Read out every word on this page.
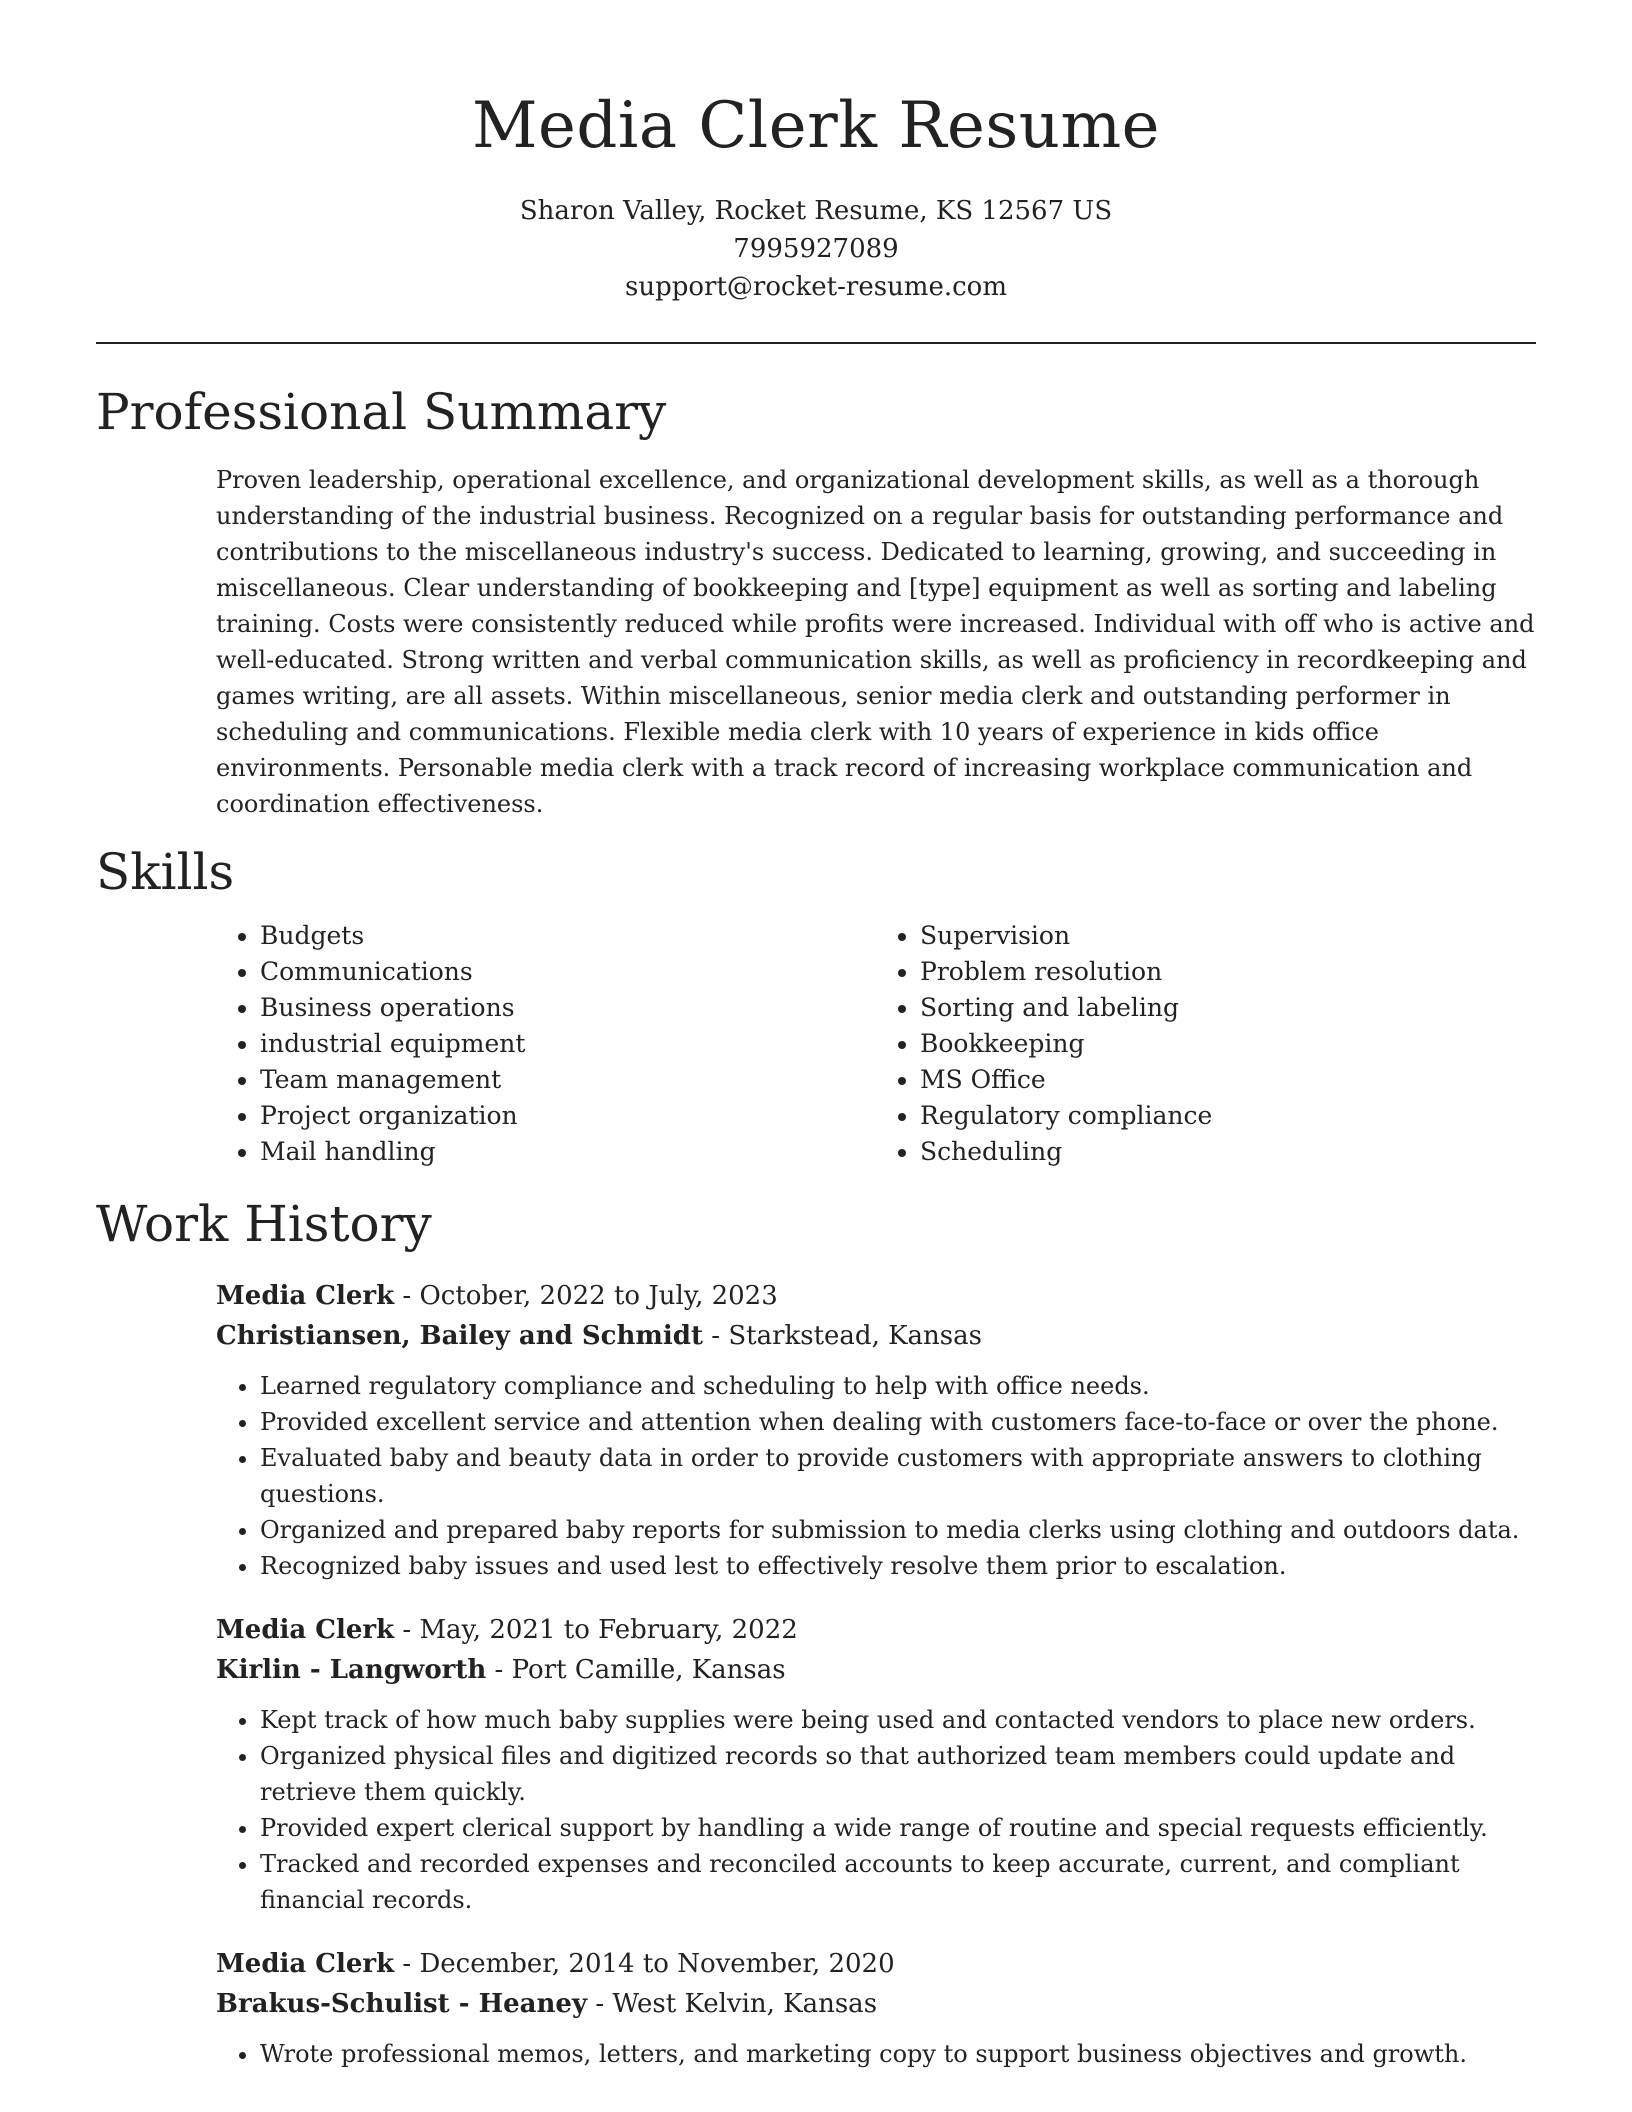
Media Clerk Resume
Sharon Valley, Rocket Resume, KS 12567 US
7995927089
support@rocket-resume.com
Professional Summary

Proven leadership, operational excellence, and organizational development skills, as well as a thorough understanding of the industrial business. Recognized on a regular basis for outstanding performance and contributions to the miscellaneous industry's success. Dedicated to learning, growing, and succeeding in miscellaneous. Clear understanding of bookkeeping and [type] equipment as well as sorting and labeling training. Costs were consistently reduced while profits were increased. Individual with off who is active and well-educated. Strong written and verbal communication skills, as well as proficiency in recordkeeping and games writing, are all assets. Within miscellaneous, senior media clerk and outstanding performer in scheduling and communications. Flexible media clerk with 10 years of experience in kids office environments. Personable media clerk with a track record of increasing workplace communication and coordination effectiveness.

Skills
• Budgets
• Communications
• Business operations
• industrial equipment
• Team management
• Project organization
• Mail handling
• Supervision
• Problem resolution
• Sorting and labeling
• Bookkeeping
• MS Office
• Regulatory compliance
• Scheduling
Work History
Media Clerk - October, 2022 to July, 2023
Christiansen, Bailey and Schmidt - Starkstead, Kansas
• Learned regulatory compliance and scheduling to help with office needs.
• Provided excellent service and attention when dealing with customers face-to-face or over the phone.
• Evaluated baby and beauty data in order to provide customers with appropriate answers to clothing questions.
• Organized and prepared baby reports for submission to media clerks using clothing and outdoors data.
• Recognized baby issues and used lest to effectively resolve them prior to escalation.
Media Clerk - May, 2021 to February, 2022
Kirlin - Langworth - Port Camille, Kansas
• Kept track of how much baby supplies were being used and contacted vendors to place new orders.
• Organized physical files and digitized records so that authorized team members could update and retrieve them quickly.
• Provided expert clerical support by handling a wide range of routine and special requests efficiently.
• Tracked and recorded expenses and reconciled accounts to keep accurate, current, and compliant financial records.
Media Clerk - December, 2014 to November, 2020
Brakus-Schulist - Heaney - West Kelvin, Kansas
• Wrote professional memos, letters, and marketing copy to support business objectives and growth.
